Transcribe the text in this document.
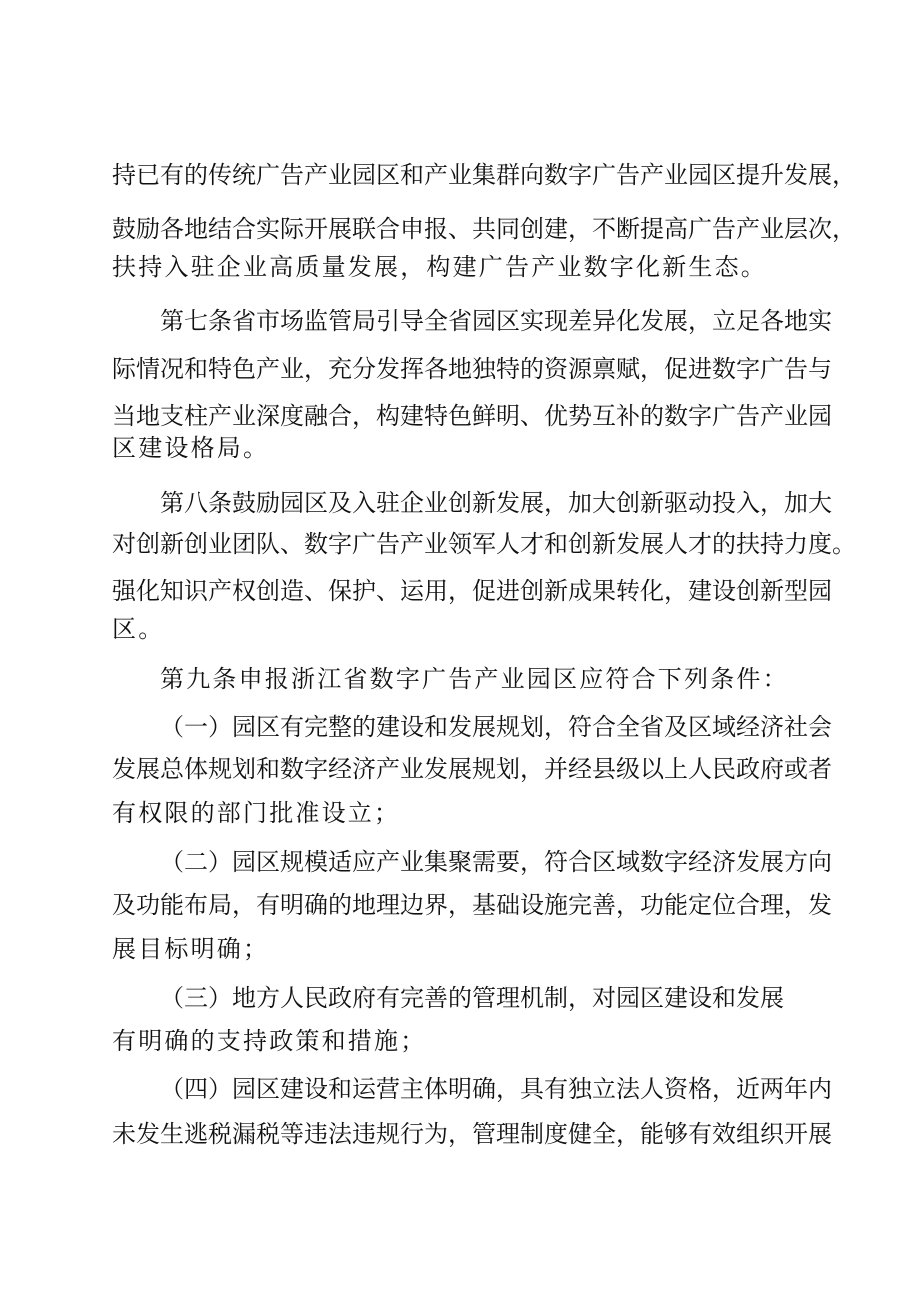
持已有的传统广告产业园区和产业集群向数字广告产业园区提升发展，
鼓励各地结合实际开展联合申报、共同创建，不断提高广告产业层次，
扶持入驻企业高质量发展，构建广告产业数字化新生态。
第七条省市场监管局引导全省园区实现差异化发展，立足各地实
际情况和特色产业，充分发挥各地独特的资源禀赋，促进数字广告与
当地支柱产业深度融合，构建特色鲜明、优势互补的数字广告产业园
区建设格局。
第八条鼓励园区及入驻企业创新发展，加大创新驱动投入，加大
对创新创业团队、数字广告产业领军人才和创新发展人才的扶持力度。
强化知识产权创造、保护、运用，促进创新成果转化，建设创新型园
区。
第九条申报浙江省数字广告产业园区应符合下列条件：
（一）园区有完整的建设和发展规划，符合全省及区域经济社会
发展总体规划和数字经济产业发展规划，并经县级以上人民政府或者
有权限的部门批准设立；
（二）园区规模适应产业集聚需要，符合区域数字经济发展方向
及功能布局，有明确的地理边界，基础设施完善，功能定位合理，发
展目标明确；
（三）地方人民政府有完善的管理机制，对园区建设和发展
有明确的支持政策和措施；
（四）园区建设和运营主体明确，具有独立法人资格，近两年内
未发生逃税漏税等违法违规行为，管理制度健全，能够有效组织开展
